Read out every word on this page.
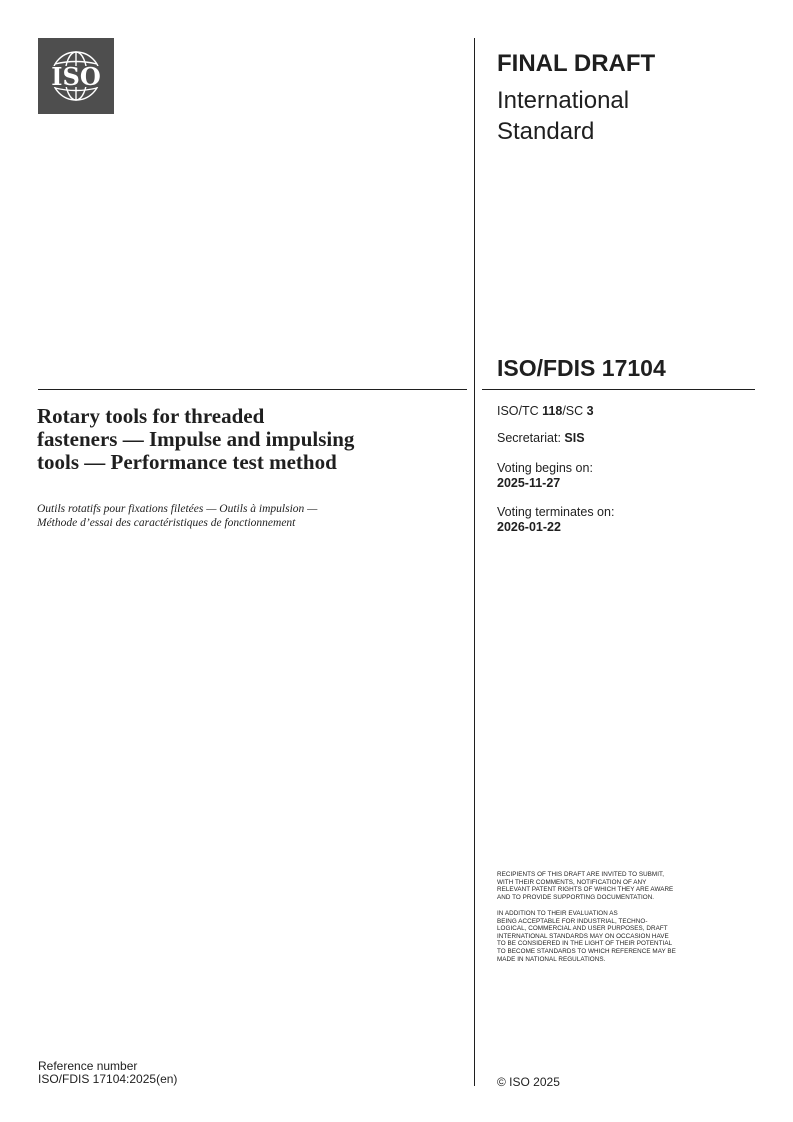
ISO	FINAL DRAFT
International
Standard
ISO/FDIS 17104
Rotary tools for threaded
fasteners — Impulse and impulsing
tools — Performance test method
Outils rotatifs pour fixations filetées — Outils à impulsion —
Méthode d’essai des caractéristiques de fonctionnement
ISO/TC 118/SC 3
Secretariat: SIS
Voting begins on:
2025-11-27
Voting terminates on:
2026-01-22
RECIPIENTS OF THIS DRAFT ARE INVITED TO SUBMIT,
WITH THEIR COMMENTS, NOTIFICATION OF ANY
RELEVANT PATENT RIGHTS OF WHICH THEY ARE AWARE
AND TO PROVIDE SUPPORTING DOCUMENTATION.
IN ADDITION TO THEIR EVALUATION AS
BEING ACCEPTABLE FOR INDUSTRIAL, TECHNO-
LOGICAL, COMMERCIAL AND USER PURPOSES, DRAFT
INTERNATIONAL STANDARDS MAY ON OCCASION HAVE
TO BE CONSIDERED IN THE LIGHT OF THEIR POTENTIAL
TO BECOME STANDARDS TO WHICH REFERENCE MAY BE
MADE IN NATIONAL REGULATIONS.
Reference number
ISO/FDIS 17104:2025(en)	© ISO 2025
